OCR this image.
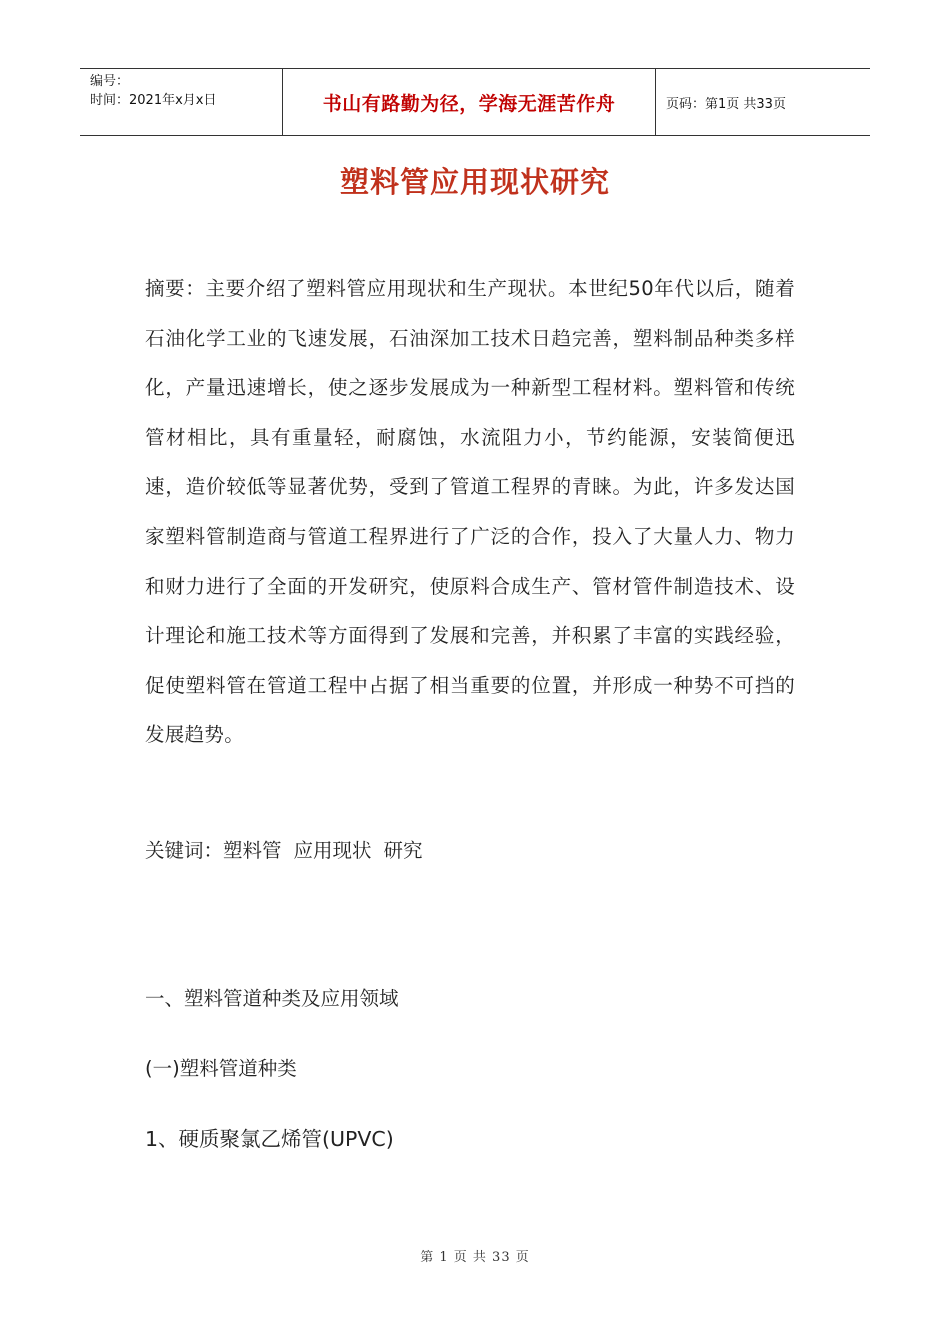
编号：
时间：2021年x月x日	书山有路勤为径，学海无涯苦作舟	页码：第1页 共33页
塑料管应用现状研究
摘要：主要介绍了塑料管应用现状和生产现状。本世纪50年代以后，随着石油化学工业的飞速发展，石油深加工技术日趋完善，塑料制品种类多样化，产量迅速增长，使之逐步发展成为一种新型工程材料。塑料管和传统管材相比，具有重量轻，耐腐蚀，水流阻力小，节约能源，安装简便迅速，造价较低等显著优势，受到了管道工程界的青睐。为此，许多发达国家塑料管制造商与管道工程界进行了广泛的合作，投入了大量人力、物力和财力进行了全面的开发研究，使原料合成生产、管材管件制造技术、设计理论和施工技术等方面得到了发展和完善，并积累了丰富的实践经验，促使塑料管在管道工程中占据了相当重要的位置，并形成一种势不可挡的发展趋势。
关键词：塑料管 应用现状 研究
一、塑料管道种类及应用领域
(一)塑料管道种类
1、硬质聚氯乙烯管(UPVC)
第 1 页 共 33 页
